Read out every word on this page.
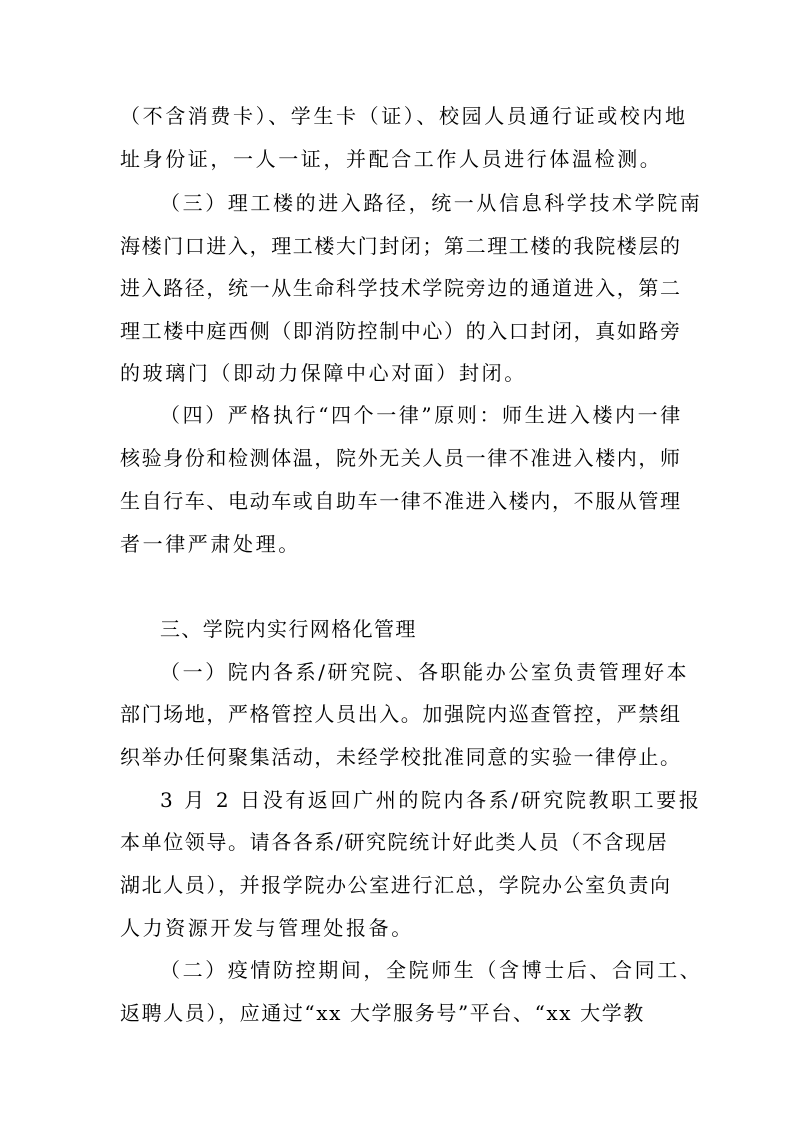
（不含消费卡）、学生卡（证）、校园人员通行证或校内地
址身份证，一人一证，并配合工作人员进行体温检测。
（三）理工楼的进入路径，统一从信息科学技术学院南
海楼门口进入，理工楼大门封闭；第二理工楼的我院楼层的
进入路径，统一从生命科学技术学院旁边的通道进入，第二
理工楼中庭西侧（即消防控制中心）的入口封闭，真如路旁
的玻璃门（即动力保障中心对面）封闭。
（四）严格执行“四个一律”原则：师生进入楼内一律
核验身份和检测体温，院外无关人员一律不准进入楼内，师
生自行车、电动车或自助车一律不准进入楼内，不服从管理
者一律严肃处理。
三、学院内实行网格化管理
（一）院内各系/研究院、各职能办公室负责管理好本
部门场地，严格管控人员出入。加强院内巡查管控，严禁组
织举办任何聚集活动，未经学校批准同意的实验一律停止。
3 月 2 日没有返回广州的院内各系/研究院教职工要报
本单位领导。请各各系/研究院统计好此类人员（不含现居
湖北人员），并报学院办公室进行汇总，学院办公室负责向
人力资源开发与管理处报备。
（二）疫情防控期间，全院师生（含博士后、合同工、
返聘人员），应通过“xx 大学服务号”平台、“xx 大学教
